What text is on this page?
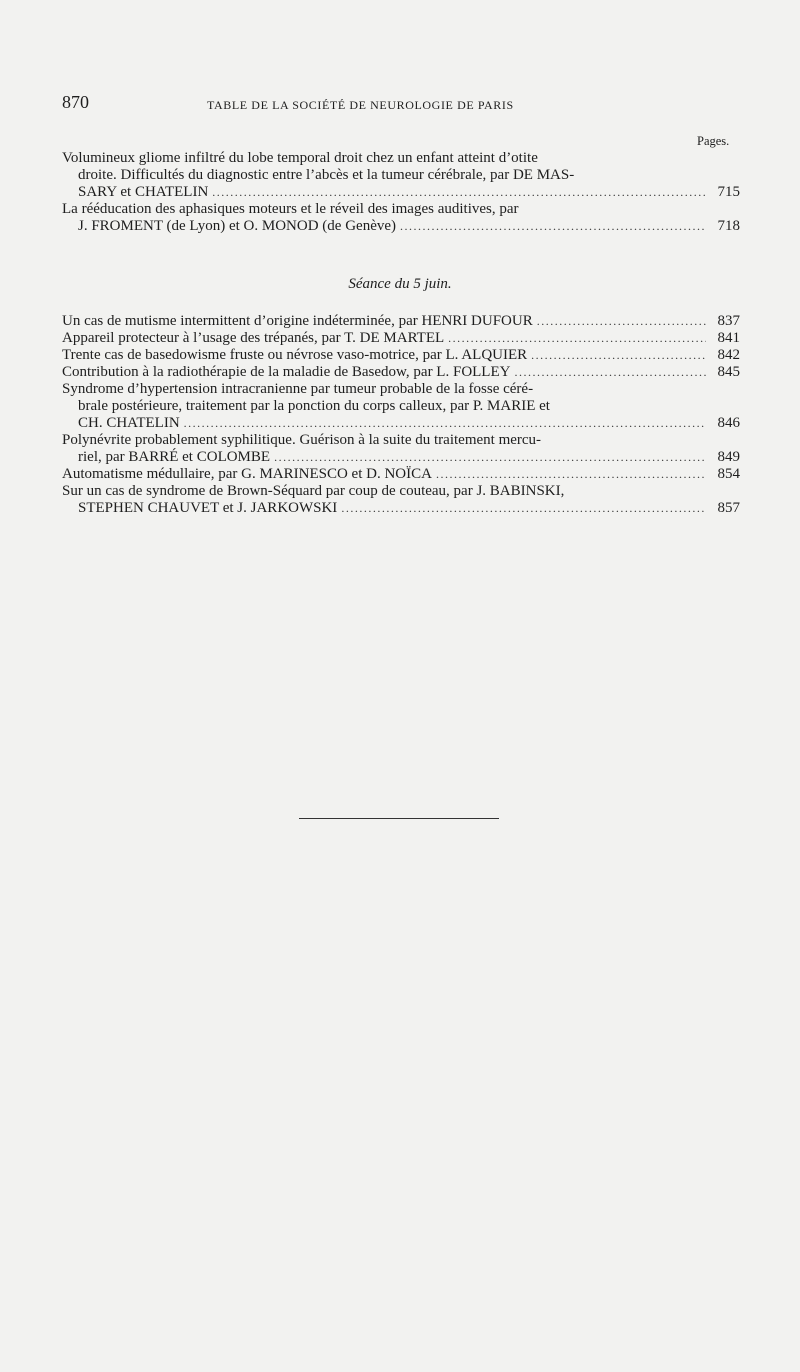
870	TABLE DE LA SOCIÉTÉ DE NEUROLOGIE DE PARIS
Pages.
Volumineux gliome infiltré du lobe temporal droit chez un enfant atteint d’otite
droite. Difficultés du diagnostic entre l’abcès et la tumeur cérébrale, par DE MAS-
SARY et CHATELIN .....	715
La rééducation des aphasiques moteurs et le réveil des images auditives, par
J. FROMENT (de Lyon) et O. MONOD (de Genève) .....	718
Séance du 5 juin.
Un cas de mutisme intermittent d’origine indéterminée, par HENRI DUFOUR .....	837
Appareil protecteur à l’usage des trépanés, par T. DE MARTEL .....	841
Trente cas de basedowisme fruste ou névrose vaso-motrice, par L. ALQUIER .....	842
Contribution à la radiothérapie de la maladie de Basedow, par L. FOLLEY .....	845
Syndrome d’hypertension intracranienne par tumeur probable de la fosse céré-
brale postérieure, traitement par la ponction du corps calleux, par P. MARIE et
CH. CHATELIN .....	846
Polynévrite probablement syphilitique. Guérison à la suite du traitement mercu-
riel, par BARRÉ et COLOMBE .....	849
Automatisme médullaire, par G. MARINESCO et D. NOÏCA .....	854
Sur un cas de syndrome de Brown-Séquard par coup de couteau, par J. BABINSKI,
STEPHEN CHAUVET et J. JARKOWSKI .....	857
